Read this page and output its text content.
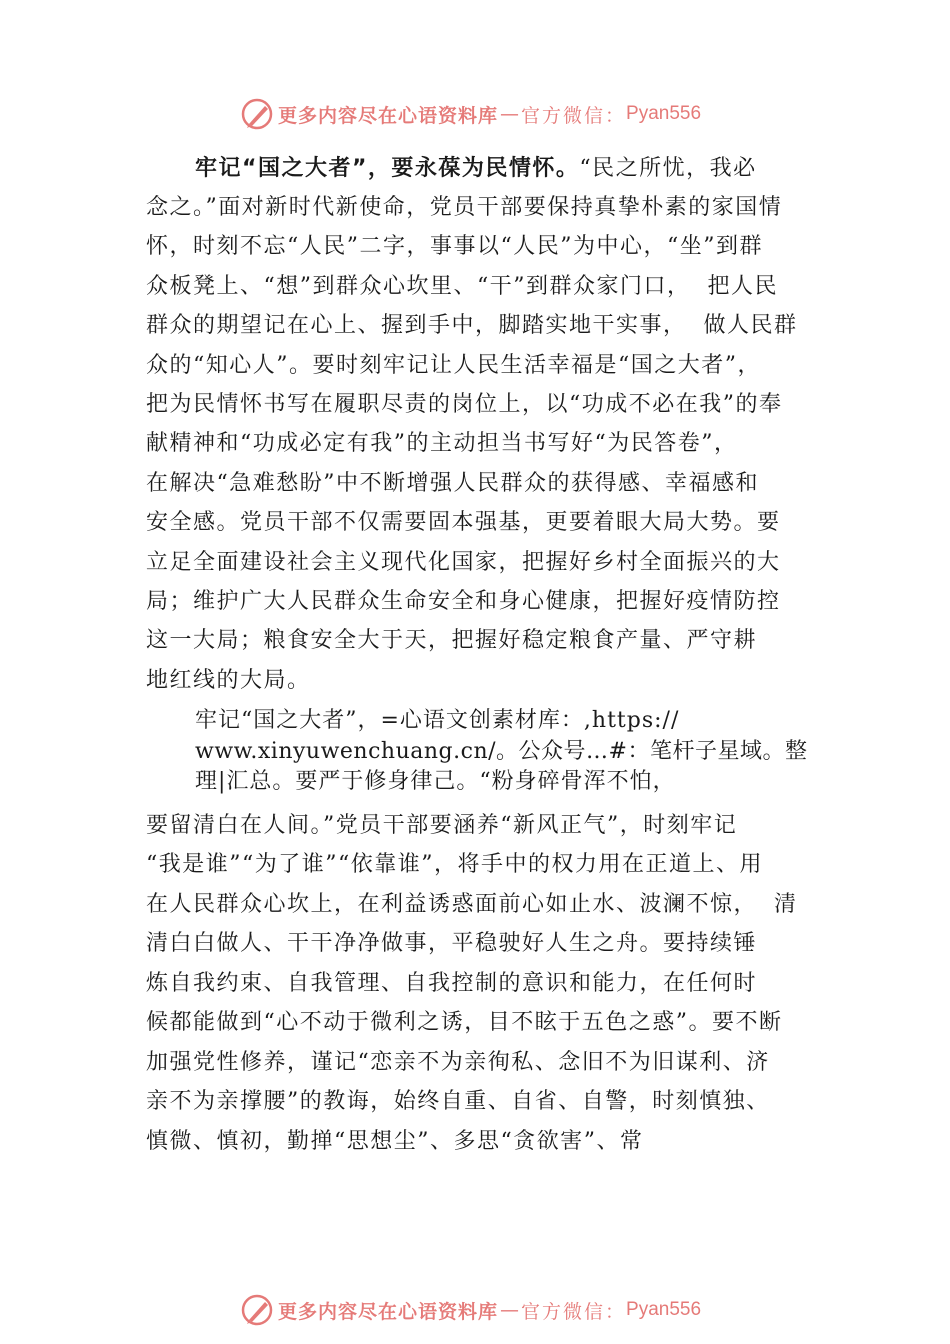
更多内容尽在心语资料库 — 官方微信： Pyan556
牢记“国之大者”，要永葆为民情怀。“民之所忧，我必
念之。”面对新时代新使命，党员干部要保持真挚朴素的家国情
怀，时刻不忘“人民”二字，事事以“人民”为中心，“坐”到群
众板凳上、“想”到群众心坎里、“干”到群众家门口，  把人民
群众的期望记在心上、握到手中，脚踏实地干实事，  做人民群
众的“知心人”。要时刻牢记让人民生活幸福是“国之大者”，
把为民情怀书写在履职尽责的岗位上，以“功成不必在我”的奉
献精神和“功成必定有我”的主动担当书写好“为民答卷”，
在解决“急难愁盼”中不断增强人民群众的获得感、幸福感和
安全感。党员干部不仅需要固本强基，更要着眼大局大势。要
立足全面建设社会主义现代化国家，把握好乡村全面振兴的大
局；维护广大人民群众生命安全和身心健康，把握好疫情防控
这一大局；粮食安全大于天，把握好稳定粮食产量、严守耕
地红线的大局。
牢记“国之大者”，=心语文创素材库：,https://
www.xinyuwenchuang.cn/。公众号…#：笔杆子星域。整
理|汇总。要严于修身律己。“粉身碎骨浑不怕，
要留清白在人间。”党员干部要涵养“新风正气”，时刻牢记
“我是谁”“为了谁”“依靠谁”，将手中的权力用在正道上、用
在人民群众心坎上，在利益诱惑面前心如止水、波澜不惊，  清
清白白做人、干干净净做事，平稳驶好人生之舟。要持续锤
炼自我约束、自我管理、自我控制的意识和能力，在任何时
候都能做到“心不动于微利之诱，目不眩于五色之惑”。要不断
加强党性修养，谨记“恋亲不为亲徇私、念旧不为旧谋利、济
亲不为亲撑腰”的教诲，始终自重、自省、自警，时刻慎独、
慎微、慎初，勤掸“思想尘”、多思“贪欲害”、常
更多内容尽在心语资料库 — 官方微信： Pyan556
